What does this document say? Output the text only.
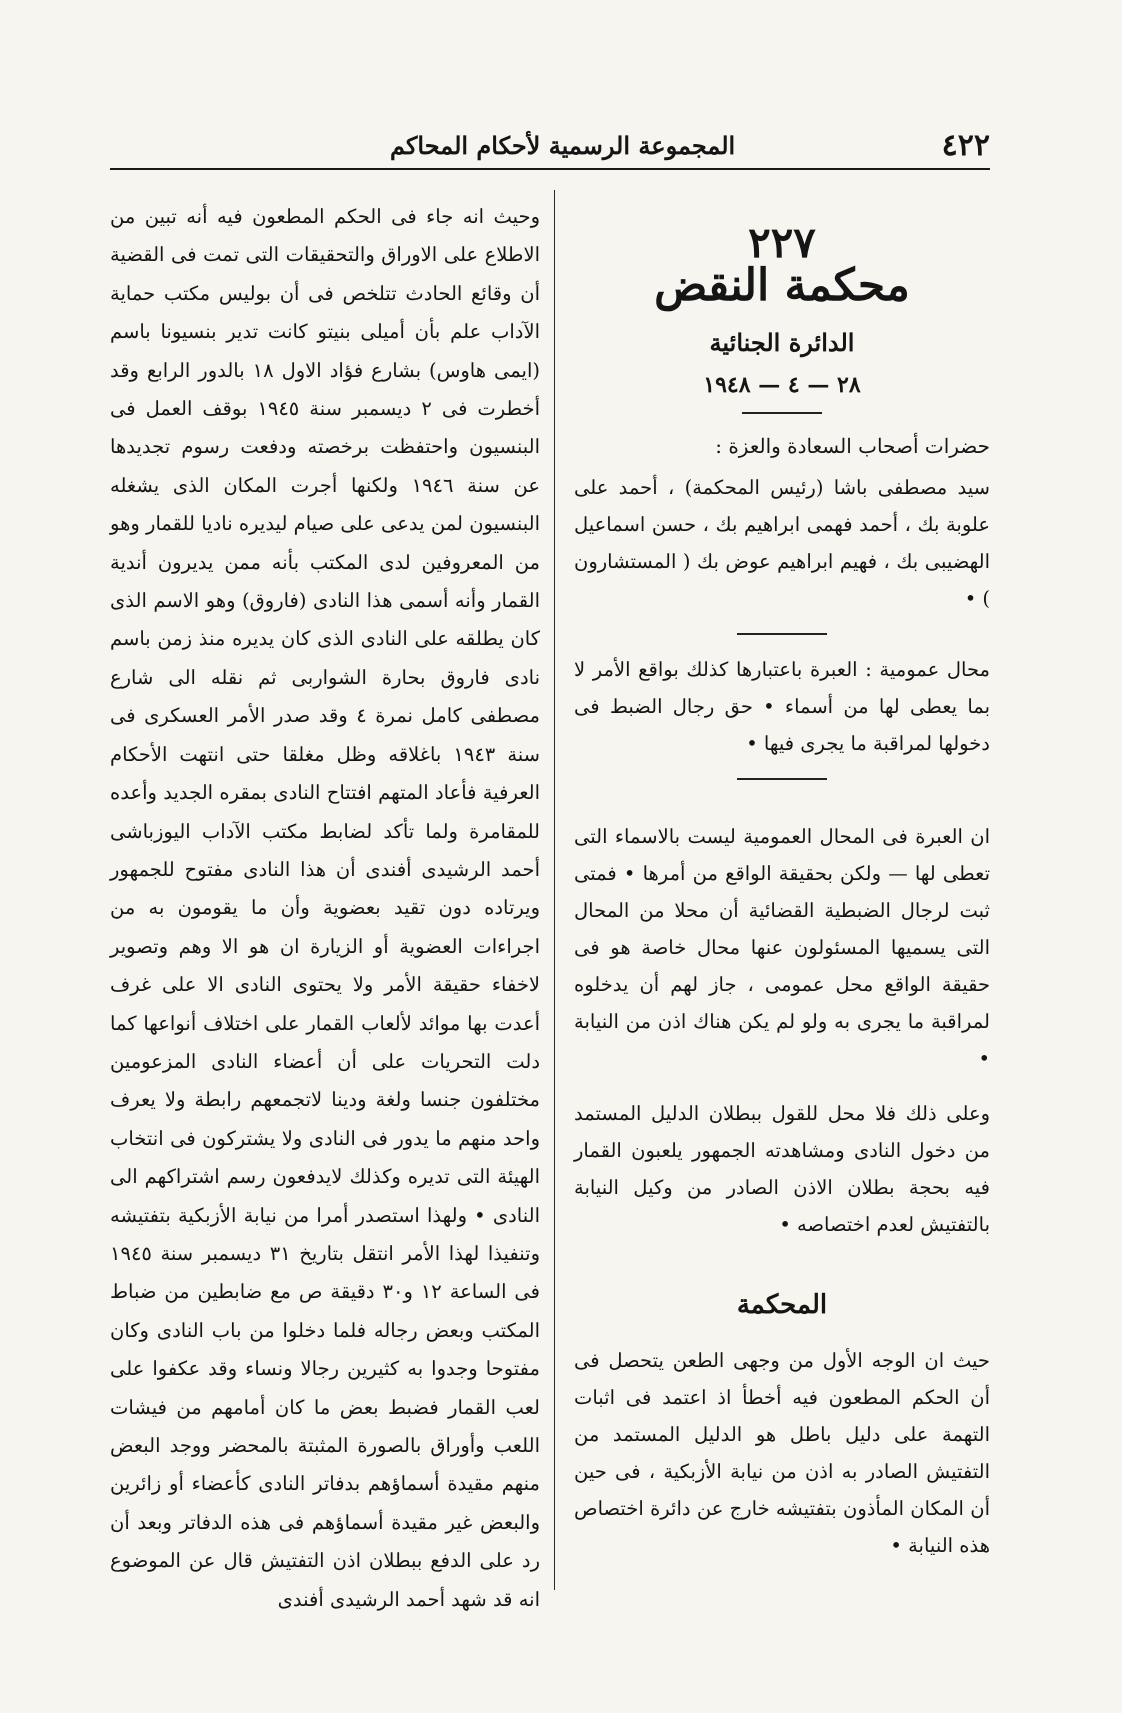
٤٢٢
المجموعة الرسمية لأحكام المحاكم
٢٢٧
محكمة النقض
الدائرة الجنائية
٢٨ — ٤ — ١٩٤٨

حضرات أصحاب السعادة والعزة :

سيد مصطفى باشا (رئيس المحكمة) ، أحمد على علوبة بك ، أحمد فهمى ابراهيم بك ، حسن اسماعيل الهضيبى بك ، فهيم ابراهيم عوض بك ( المستشارون ) •

محال عمومية : العبرة باعتبارها كذلك بواقع الأمر لا بما يعطى لها من أسماء • حق رجال الضبط فى دخولها لمراقبة ما يجرى فيها •

ان العبرة فى المحال العمومية ليست بالاسماء التى تعطى لها — ولكن بحقيقة الواقع من أمرها • فمتى ثبت لرجال الضبطية القضائية أن محلا من المحال التى يسميها المسئولون عنها محال خاصة هو فى حقيقة الواقع محل عمومى ، جاز لهم أن يدخلوه لمراقبة ما يجرى به ولو لم يكن هناك اذن من النيابة •

وعلى ذلك فلا محل للقول ببطلان الدليل المستمد من دخول النادى ومشاهدته الجمهور يلعبون القمار فيه بحجة بطلان الاذن الصادر من وكيل النيابة بالتفتيش لعدم اختصاصه •

المحكمة

حيث ان الوجه الأول من وجهى الطعن يتحصل فى أن الحكم المطعون فيه أخطأ اذ اعتمد فى اثبات التهمة على دليل باطل هو الدليل المستمد من التفتيش الصادر به اذن من نيابة الأزبكية ، فى حين أن المكان المأذون بتفتيشه خارج عن دائرة اختصاص هذه النيابة •

وحيث انه جاء فى الحكم المطعون فيه أنه تبين من الاطلاع على الاوراق والتحقيقات التى تمت فى القضية أن وقائع الحادث تتلخص فى أن بوليس مكتب حماية الآداب علم بأن أميلى بنيتو كانت تدير بنسيونا باسم (ايمى هاوس) بشارع فؤاد الاول ١٨ بالدور الرابع وقد أخطرت فى ٢ ديسمبر سنة ١٩٤٥ بوقف العمل فى البنسيون واحتفظت برخصته ودفعت رسوم تجديدها عن سنة ١٩٤٦ ولكنها أجرت المكان الذى يشغله البنسيون لمن يدعى على صيام ليديره ناديا للقمار وهو من المعروفين لدى المكتب بأنه ممن يديرون أندية القمار وأنه أسمى هذا النادى (فاروق) وهو الاسم الذى كان يطلقه على النادى الذى كان يديره منذ زمن باسم نادى فاروق بحارة الشواربى ثم نقله الى شارع مصطفى كامل نمرة ٤ وقد صدر الأمر العسكرى فى سنة ١٩٤٣ باغلاقه وظل مغلقا حتى انتهت الأحكام العرفية فأعاد المتهم افتتاح النادى بمقره الجديد وأعده للمقامرة ولما تأكد لضابط مكتب الآداب اليوزباشى أحمد الرشيدى أفندى أن هذا النادى مفتوح للجمهور ويرتاده دون تقيد بعضوية وأن ما يقومون به من اجراءات العضوية أو الزيارة ان هو الا وهم وتصوير لاخفاء حقيقة الأمر ولا يحتوى النادى الا على غرف أعدت بها موائد لألعاب القمار على اختلاف أنواعها كما دلت التحريات على أن أعضاء النادى المزعومين مختلفون جنسا ولغة ودينا لاتجمعهم رابطة ولا يعرف واحد منهم ما يدور فى النادى ولا يشتركون فى انتخاب الهيئة التى تديره وكذلك لايدفعون رسم اشتراكهم الى النادى • ولهذا استصدر أمرا من نيابة الأزبكية بتفتيشه وتنفيذا لهذا الأمر انتقل بتاريخ ٣١ ديسمبر سنة ١٩٤٥ فى الساعة ١٢ و٣٠ دقيقة ص مع ضابطين من ضباط المكتب وبعض رجاله فلما دخلوا من باب النادى وكان مفتوحا وجدوا به كثيرين رجالا ونساء وقد عكفوا على لعب القمار فضبط بعض ما كان أمامهم من فيشات اللعب وأوراق بالصورة المثبتة بالمحضر ووجد البعض منهم مقيدة أسماؤهم بدفاتر النادى كأعضاء أو زائرين والبعض غير مقيدة أسماؤهم فى هذه الدفاتر وبعد أن رد على الدفع ببطلان اذن التفتيش قال عن الموضوع انه قد شهد أحمد الرشيدى أفندى
